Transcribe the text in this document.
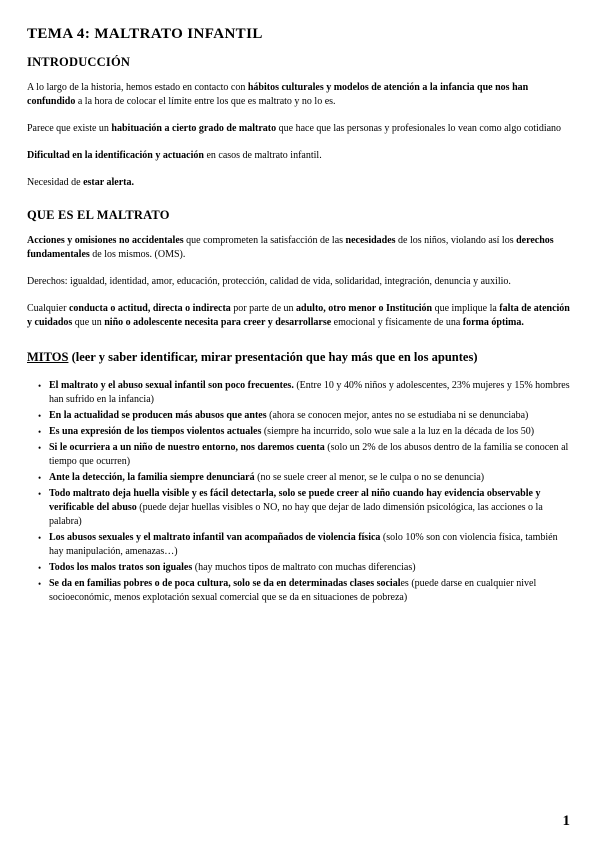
TEMA 4: MALTRATO INFANTIL
INTRODUCCIÓN

A lo largo de la historia, hemos estado en contacto con hábitos culturales y modelos de atención a la infancia que nos han confundido a la hora de colocar el límite entre los que es maltrato y no lo es.

Parece que existe un habituación a cierto grado de maltrato que hace que las personas y profesionales lo vean como algo cotidiano

Dificultad en la identificación y actuación en casos de maltrato infantil.

Necesidad de estar alerta.

QUE ES EL MALTRATO

Acciones y omisiones no accidentales que comprometen la satisfacción de las necesidades de los niños, violando así los derechos fundamentales de los mismos. (OMS).

Derechos: igualdad, identidad, amor, educación, protección, calidad de vida, solidaridad, integración, denuncia y auxilio.

Cualquier conducta o actitud, directa o indirecta por parte de un adulto, otro menor o Institución que implique la falta de atención y cuidados que un niño o adolescente necesita para creer y desarrollarse emocional y físicamente de una forma óptima.

MITOS (leer y saber identificar, mirar presentación que hay más que en los apuntes)
• El maltrato y el abuso sexual infantil son poco frecuentes. (Entre 10 y 40% niños y adolescentes, 23% mujeres y 15% hombres han sufrido en la infancia)
• En la actualidad se producen más abusos que antes (ahora se conocen mejor, antes no se estudiaba ni se denunciaba)
• Es una expresión de los tiempos violentos actuales (siempre ha incurrido, solo wue sale a la luz en la década de los 50)
• Si le ocurriera a un niño de nuestro entorno, nos daremos cuenta (solo un 2% de los abusos dentro de la familia se conocen al tiempo que ocurren)
• Ante la detección, la familia siempre denunciará (no se suele creer al menor, se le culpa o no se denuncia)
• Todo maltrato deja huella visible y es fácil detectarla, solo se puede creer al niño cuando hay evidencia observable y verificable del abuso (puede dejar huellas visibles o NO, no hay que dejar de lado dimensión psicológica, las acciones o la palabra)
• Los abusos sexuales y el maltrato infantil van acompañados de violencia física (solo 10% son con violencia física, también hay manipulación, amenazas…)
• Todos los malos tratos son iguales (hay muchos tipos de maltrato con muchas diferencias)
• Se da en familias pobres o de poca cultura, solo se da en determinadas clases sociales (puede darse en cualquier nivel socioeconómic, menos explotación sexual comercial que se da en situaciones de pobreza)
1
